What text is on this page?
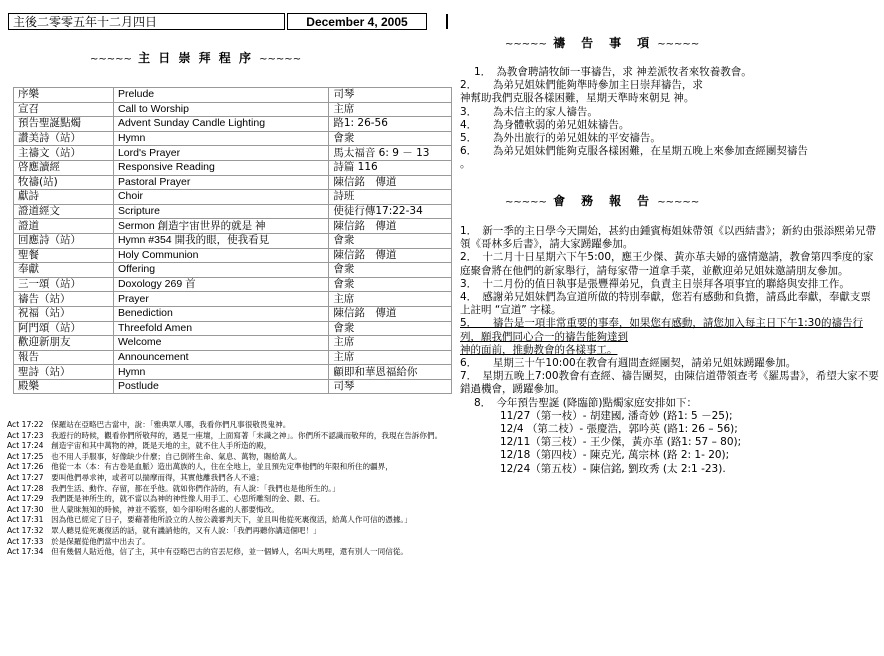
主後二零零五年十二月四日	December 4, 2005
~~~~~ 主 日 崇 拜 程 序 ~~~~~
序樂	Prelude	司琴
宣召	Call to Worship	主席
預告聖誕點燭	Advent Sunday Candle Lighting	路1: 26-56
讚美詩（站）	Hymn	會衆
主禱文（站）	Lord's Prayer	馬太福音 6: 9 － 13
啓應讀經	Responsive Reading	詩篇 116
牧禱(站)	Pastoral Prayer	陳信銘　傳道
獻詩	Choir	詩班
證道經文	Scripture	使徒行傳17:22-34
證道	Sermon 創造宇宙世界的就是 神	陳信銘　傳道
回應詩（站）	Hymn #354 開我的眼，使我看見	會衆
聖餐	Holy Communion	陳信銘　傳道
奉獻	Offering	會衆
三一頌（站）	Doxology 269 首	會衆
禱告（站）	Prayer	主席
祝福（站）	Benediction	陳信銘　傳道
阿門頌（站）	Threefold Amen	會衆
歡迎新朋友	Welcome	主席
報告	Announcement	主席
聖詩（站）	Hymn	顧即和華恩福給你
殿樂	Postlude	司琴

Act 17:22　保羅站在亞略巴古當中，說：「雅典眾人哪，我看你們凡事很敬畏鬼神。

Act 17:23　我遊行的時候，觀看你們所敬拜的，遇見一座壇，上面寫著「未識之神」。你們所不認識而敬拜的，我現在告訴你們。

Act 17:24　創造宇宙和其中萬物的神，既是天地的主，就不住人手所造的殿，

Act 17:25　也不用人手服事，好像缺少什麼；自己倒將生命、氣息、萬物，賜給萬人。

Act 17:26　他從一本（本：有古卷是血脈）造出萬族的人，住在全地上，並且預先定準他們的年限和所住的疆界，

Act 17:27　要叫他們尋求神，或者可以揣摩而得，其實他離我們各人不遠；

Act 17:28　我們生活、動作、存留，都在乎他。就如你們作詩的，有人說：「我們也是他所生的。」

Act 17:29　我們既是神所生的，就不當以為神的神性像人用手工、心思所雕刻的金、銀、石。

Act 17:30　世人蒙昧無知的時候，神並不監察，如今卻吩咐各處的人都要悔改。

Act 17:31　因為他已經定了日子，要藉著他所設立的人按公義審判天下，並且叫他從死裏復活，給萬人作可信的憑據。」

Act 17:32　眾人聽見從死裏復活的話，就有譏誚他的，又有人說：「我們再聽你講這個吧！」

Act 17:33　於是保羅從他們當中出去了。

Act 17:34　但有幾個人貼近他，信了主，其中有亞略巴古的官丟尼修，並一個婦人，名叫大馬哩，還有別人一同信從。

~~~~~ 禱　告　事　項 ~~~~~

1．　為教會聘請牧師一事禱告，求 神差派牧者來牧養教會。

2．　　為弟兄姐妹們能夠準時參加主日崇拜禱告，求

神幫助我們克服各樣困難，星期天準時來朝見 神。

3．　　為未信主的家人禱告。

4．　　為身體軟弱的弟兄姐妹禱告。

5．　　為外出旅行的弟兄姐妹的平安禱告。

6．　　為弟兄姐妹們能夠克服各樣困難，在星期五晚上來參加查經團契禱告

。

~~~~~ 會　務　報　告 ~~~~~

1．　新一季的主日學今天開始，甚約由鍾賓梅姐妹帶領《以西結書》；新約由張添熙弟兄帶領《哥林多后書》，請大家踴躍參加。

2．　十二月十日星期六下午5:00，應王少傑、黃亦革夫婦的盛情邀請，教會第四季度的家庭聚會將在他們的新家舉行，請每家帶一道拿手菜，並歡迎弟兄姐妹邀請朋友參加。

3．　十二月份的值日執事是張豐禪弟兄，負責主日崇拜各項事宜的聯絡與安排工作。

4．　感謝弟兄姐妹們為宣道所做的特別奉獻，您若有感動和負擔，請爲此奉獻，奉獻支票上註明 “宣道” 字樣。

5．　　禱告是一項非常重要的事奉，如果您有感動，請您加入每主日下午1:30的禱告行列，願我們同心合一的禱告能夠達到

神的面前，推動教會的各樣事工。

6．　　星期三十午10:00在教會有週間查經團契，請弟兄姐妹踴躍參加。

7．　星期五晚上7:00教會有查經、禱告團契，由陳信道帶領查考《羅馬書》，希望大家不要錯過機會，踴躍參加。

8．　今年預告聖誕 (降臨節)點燭家庭安排如下：

11/27（第一枝）- 胡建國, 潘奇妙 (路1: 5 －25);

12/4 （第二枝）- 張慶浩，郭吟英 (路1: 26 – 56);

12/11（第三枝）- 王少傑，黃亦革 (路1: 57 – 80);

12/18（第四枝）- 陳克光, 萬宗林 (路 2: 1- 20);

12/24（第五枝）- 陳信銘, 劉玫秀 (太 2:1 -23).
